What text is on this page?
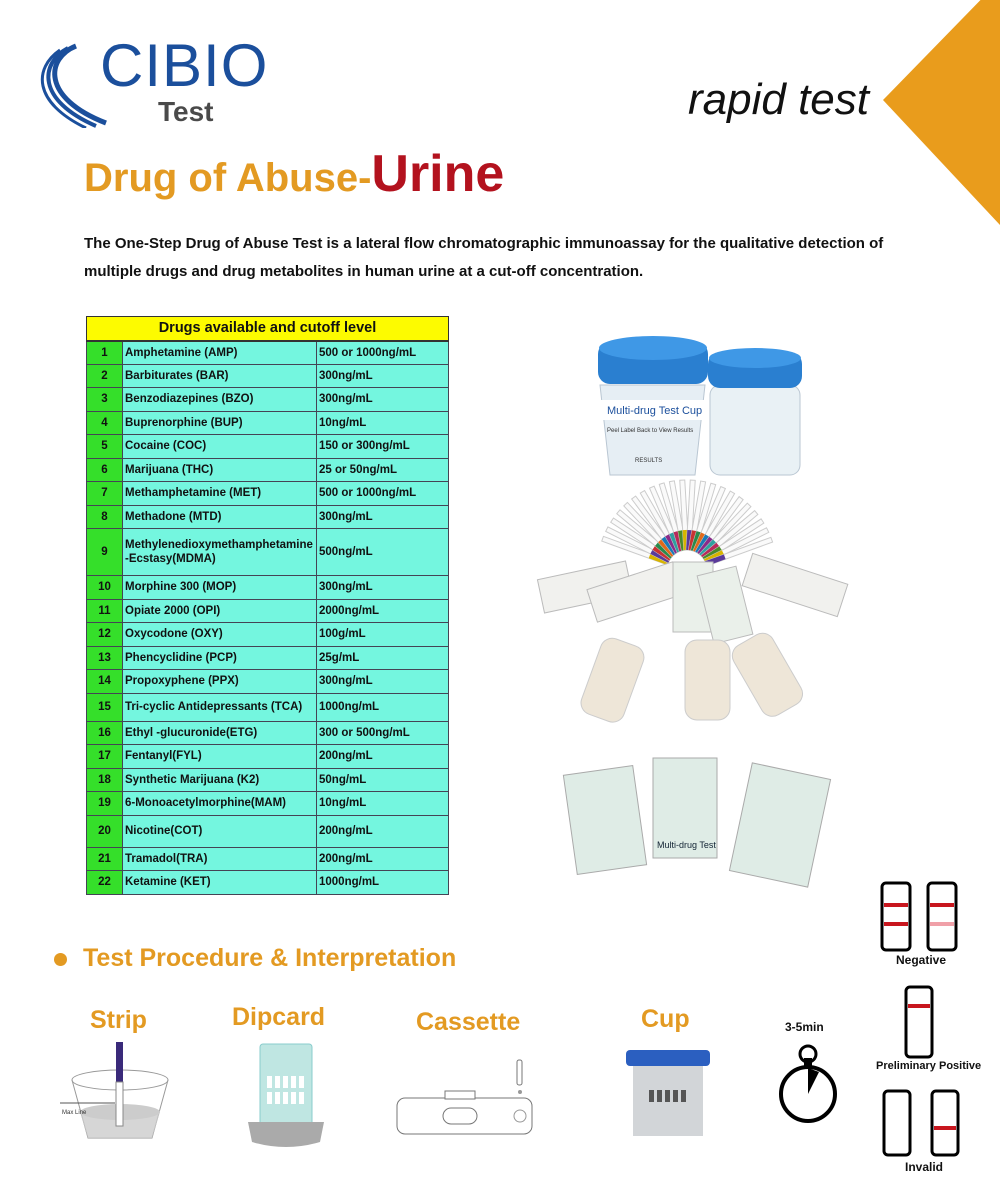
CIBIO
Test	rapid test
Drug of Abuse-Urine
The One-Step Drug of Abuse Test is a lateral flow chromatographic immunoassay for the qualitative detection of multiple drugs and drug metabolites in human urine at a cut-off concentration.
Drugs available and cutoff level		
1	Amphetamine (AMP)	500 or 1000ng/mL
2	Barbiturates (BAR)	300ng/mL
3	Benzodiazepines (BZO)	300ng/mL
4	Buprenorphine (BUP)	10ng/mL
5	Cocaine (COC)	150 or 300ng/mL
6	Marijuana (THC)	25 or 50ng/mL
7	Methamphetamine (MET)	500 or 1000ng/mL
8	Methadone (MTD)	300ng/mL
9	Methylenedioxymethamphetamine-Ecstasy(MDMA)	500ng/mL
10	Morphine 300 (MOP)	300ng/mL
11	Opiate 2000 (OPI)	2000ng/mL
12	Oxycodone (OXY)	100g/mL
13	Phencyclidine (PCP)	25g/mL
14	Propoxyphene (PPX)	300ng/mL
15	Tri-cyclic Antidepressants (TCA)	1000ng/mL
16	Ethyl -glucuronide(ETG)	300 or 500ng/mL
17	Fentanyl(FYL)	200ng/mL
18	Synthetic Marijuana (K2)	50ng/mL
19	6-Monoacetylmorphine(MAM)	10ng/mL
20	Nicotine(COT)	200ng/mL
21	Tramadol(TRA)	200ng/mL
22	Ketamine (KET)	1000ng/mL
Multi-drug Test Cup
Peel Label Back to View Results
RESULTS
Multi-drug Test
Test Procedure & Interpretation
Strip	Dipcard	Cassette	Cup
Max Line
3-5min
Negative
Preliminary Positive
Invalid
